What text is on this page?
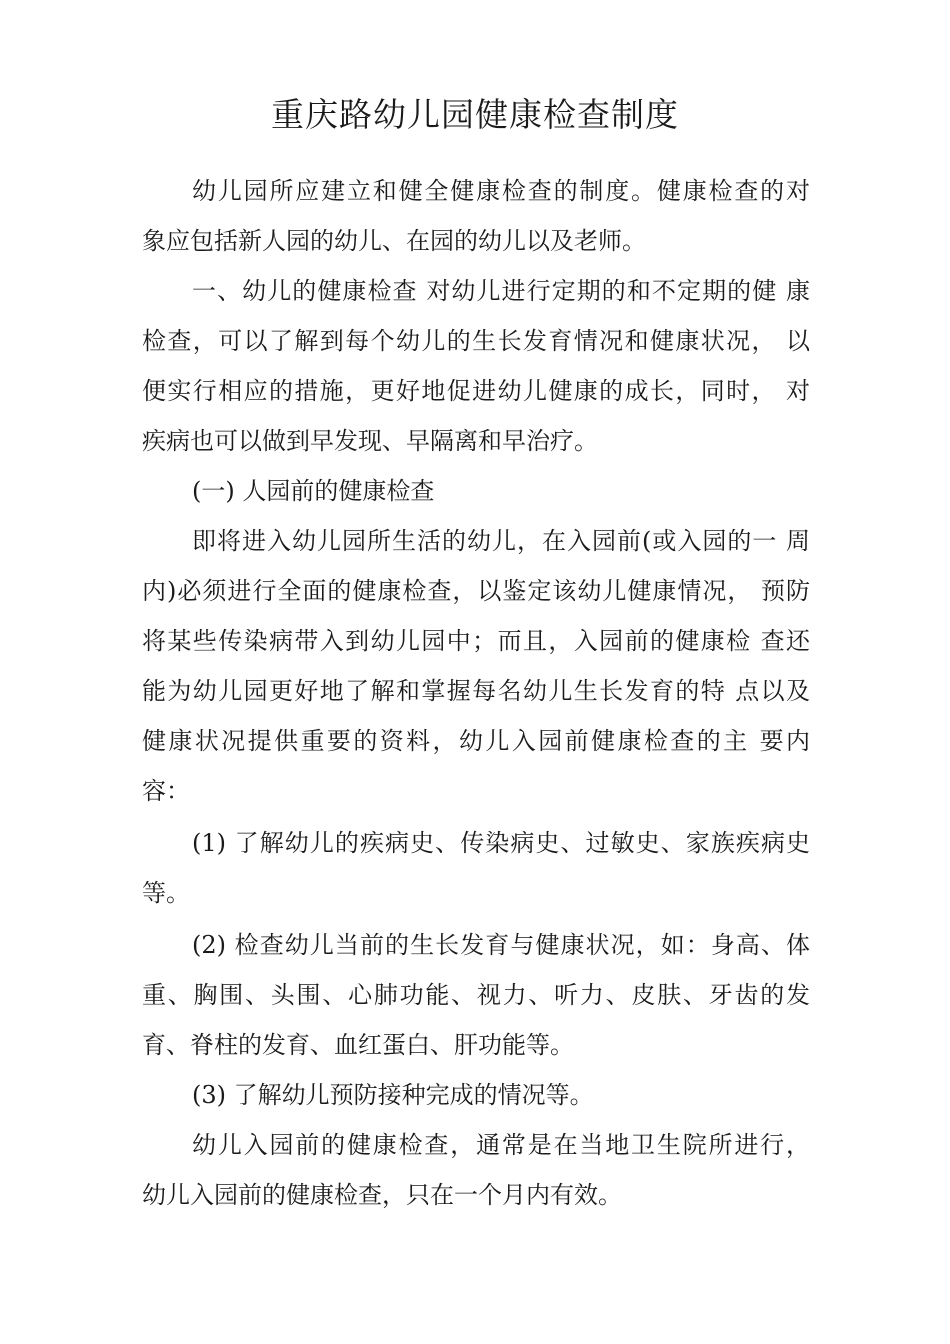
重庆路幼儿园健康检查制度
幼儿园所应建立和健全健康检查的制度。健康检查的对
象应包括新人园的幼儿、在园的幼儿以及老师。
一、幼儿的健康检查 对幼儿进行定期的和不定期的健 康
检查，可以了解到每个幼儿的生长发育情况和健康状况， 以
便实行相应的措施，更好地促进幼儿健康的成长，同时， 对
疾病也可以做到早发现、早隔离和早治疗。
(一) 人园前的健康检查
即将进入幼儿园所生活的幼儿，在入园前(或入园的一 周
内)必须进行全面的健康检查，以鉴定该幼儿健康情况， 预防
将某些传染病带入到幼儿园中；而且，入园前的健康检 查还
能为幼儿园更好地了解和掌握每名幼儿生长发育的特 点以及
健康状况提供重要的资料，幼儿入园前健康检查的主 要内
容：
(1) 了解幼儿的疾病史、传染病史、过敏史、家族疾病史
等。
(2) 检查幼儿当前的生长发育与健康状况，如：身高、体
重、胸围、头围、心肺功能、视力、听力、皮肤、牙齿的发
育、脊柱的发育、血红蛋白、肝功能等。
(3) 了解幼儿预防接种完成的情况等。
幼儿入园前的健康检查，通常是在当地卫生院所进行，
幼儿入园前的健康检查，只在一个月内有效。
